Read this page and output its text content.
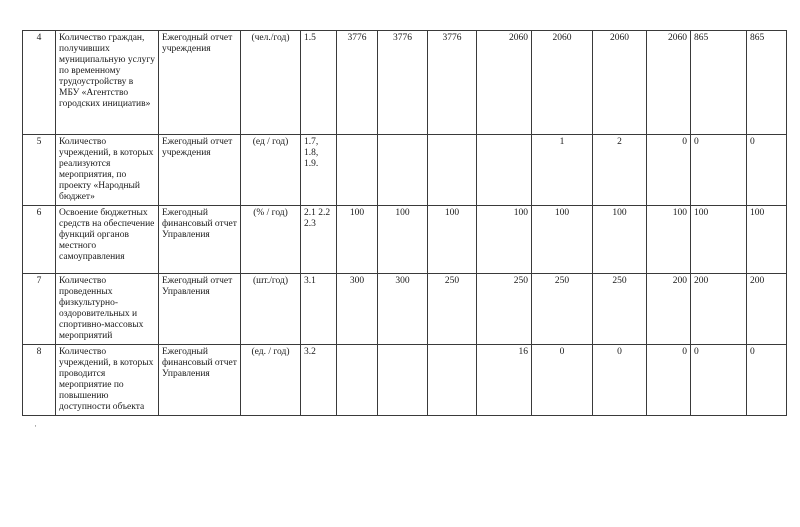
4	Количество граждан, получивших муниципальную услугу по временному трудоустройству в МБУ «Агентство городских инициатив»	Ежегодный отчет учреждения	(чел./год)	1.5	3776	3776	3776	2060	2060	2060	2060	865	865
5	Количество учреждений, в которых реализуются мероприятия, по проекту «Народный бюджет»	Ежегодный отчет учреждения	(ед / год)	1.7, 1.8, 1.9.					1	2	0	0	0
6	Освоение бюджетных средств на обеспечение функций органов местного самоуправления	Ежегодный финансовый отчет Управления	(% / год)	2.1 2.2 2.3	100	100	100	100	100	100	100	100	100
7	Количество проведенных физкультурно-оздоровительных и спортивно-массовых мероприятий	Ежегодный отчет Управления	(шт./год)	3.1	300	300	250	250	250	250	200	200	200
8	Количество учреждений, в которых проводится мероприятие по повышению доступности объекта	Ежегодный финансовый отчет Управления	(ед. / год)	3.2				16	0	0	0	0	0
·
